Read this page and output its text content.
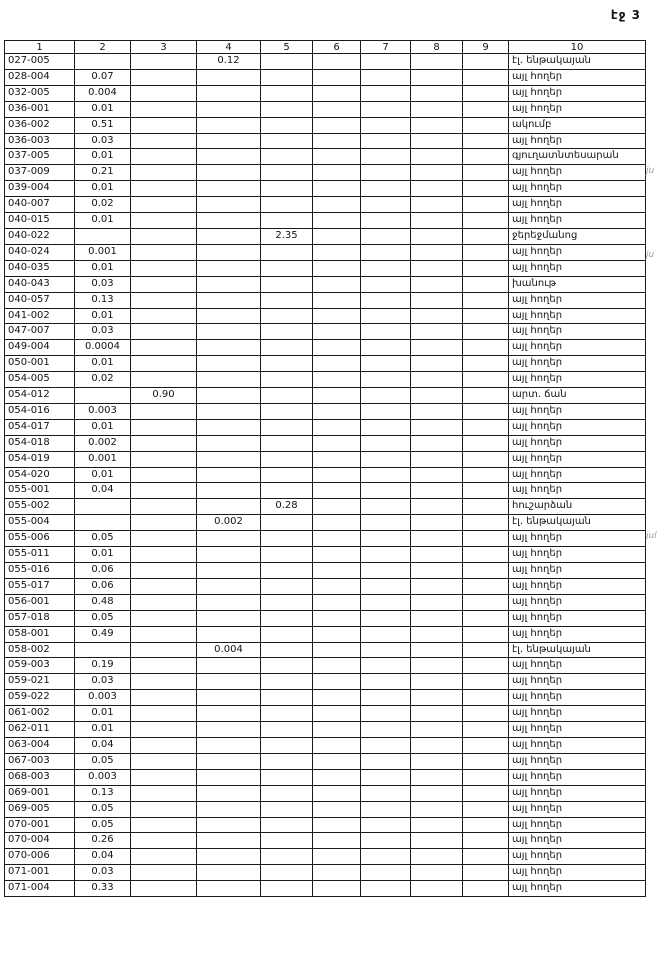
էջ 3
1	2	3	4	5	6	7	8	9	10
027-005			0.12						էլ. ենթակայան
028-004	0.07								այլ հողեր
032-005	0.004								այլ հողեր
036-001	0.01								այլ հողեր
036-002	0.51								ակումբ
036-003	0.03								այլ հողեր
037-005	0.01								գյուղատնտեսարան
037-009	0.21								այլ հողեր
039-004	0.01								այլ հողեր
040-007	0.02								այլ հողեր
040-015	0.01								այլ հողեր
040-022				2.35					ջերեջմանոց
040-024	0.001								այլ հողեր
040-035	0.01								այլ հողեր
040-043	0.03								խանութ
040-057	0.13								այլ հողեր
041-002	0.01								այլ հողեր
047-007	0.03								այլ հողեր
049-004	0.0004								այլ հողեր
050-001	0.01								այլ հողեր
054-005	0.02								այլ հողեր
054-012		0.90							արտ. ճան
054-016	0.003								այլ հողեր
054-017	0.01								այլ հողեր
054-018	0.002								այլ հողեր
054-019	0.001								այլ հողեր
054-020	0.01								այլ հողեր
055-001	0.04								այլ հողեր
055-002				0.28					հուշարձան
055-004			0.002						էլ. ենթակայան
055-006	0.05								այլ հողեր
055-011	0.01								այլ հողեր
055-016	0.06								այլ հողեր
055-017	0.06								այլ հողեր
056-001	0.48								այլ հողեր
057-018	0.05								այլ հողեր
058-001	0.49								այլ հողեր
058-002			0.004						էլ. ենթակայան
059-003	0.19								այլ հողեր
059-021	0.03								այլ հողեր
059-022	0.003								այլ հողեր
061-002	0.01								այլ հողեր
062-011	0.01								այլ հողեր
063-004	0.04								այլ հողեր
067-003	0.05								այլ հողեր
068-003	0.003								այլ հողեր
069-001	0.13								այլ հողեր
069-005	0.05								այլ հողեր
070-001	0.05								այլ հողեր
070-004	0.26								այլ հողեր
070-006	0.04								այլ հողեր
071-001	0.03								այլ հողեր
071-004	0.33								այլ հողեր
ju
ju
jul
